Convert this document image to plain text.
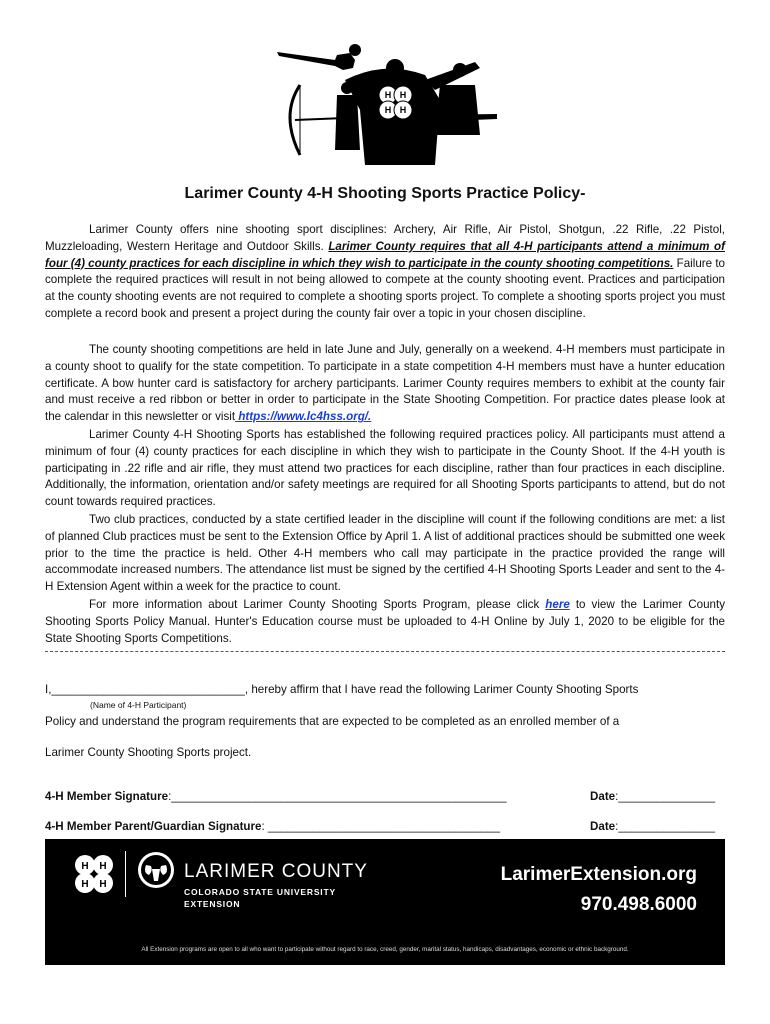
H H
H H
Larimer County 4-H Shooting Sports Practice Policy-
Larimer County offers nine shooting sport disciplines: Archery, Air Rifle, Air Pistol, Shotgun, .22 Rifle, .22 Pistol, Muzzleloading, Western Heritage and Outdoor Skills. Larimer County requires that all 4-H participants attend a minimum of four (4) county practices for each discipline in which they wish to participate in the county shooting competitions. Failure to complete the required practices will result in not being allowed to compete at the county shooting event. Practices and participation at the county shooting events are not required to complete a shooting sports project. To complete a shooting sports project you must complete a record book and present a project during the county fair over a topic in your chosen discipline.
The county shooting competitions are held in late June and July, generally on a weekend. 4-H members must participate in a county shoot to qualify for the state competition. To participate in a state competition 4-H members must have a hunter education certificate. A bow hunter card is satisfactory for archery participants. Larimer County requires members to exhibit at the county fair and must receive a red ribbon or better in order to participate in the State Shooting Competition. For practice dates please look at the calendar in this newsletter or visit https://www.lc4hss.org/.
Larimer County 4-H Shooting Sports has established the following required practices policy. All participants must attend a minimum of four (4) county practices for each discipline in which they wish to participate in the County Shoot. If the 4-H youth is participating in .22 rifle and air rifle, they must attend two practices for each discipline, rather than four practices in each discipline. Additionally, the information, orientation and/or safety meetings are required for all Shooting Sports participants to attend, but do not count towards required practices.
Two club practices, conducted by a state certified leader in the discipline will count if the following conditions are met: a list of planned Club practices must be sent to the Extension Office by April 1. A list of additional practices should be submitted one week prior to the time the practice is held. Other 4-H members who call may participate in the practice provided the range will accommodate increased numbers. The attendance list must be signed by the certified 4-H Shooting Sports Leader and sent to the 4-H Extension Agent within a week for the practice to count.
For more information about Larimer County Shooting Sports Program, please click here to view the Larimer County Shooting Sports Policy Manual. Hunter's Education course must be uploaded to 4-H Online by July 1, 2020 to be eligible for the State Shooting Sports Competitions.
I,______________________________, hereby affirm that I have read the following Larimer County Shooting Sports
(Name of 4-H Participant)
Policy and understand the program requirements that are expected to be completed as an enrolled member of a
Larimer County Shooting Sports project.
4-H Member Signature:____________________________________________________	Date:_______________
4-H Member Parent/Guardian Signature: ____________________________________	Date:_______________
H H
H H
LARIMER COUNTY
COLORADO STATE UNIVERSITY
EXTENSION
LarimerExtension.org
970.498.6000
All Extension programs are open to all who want to participate without regard to race, creed, gender, marital status, handicaps, disadvantages, economic or ethnic background.
